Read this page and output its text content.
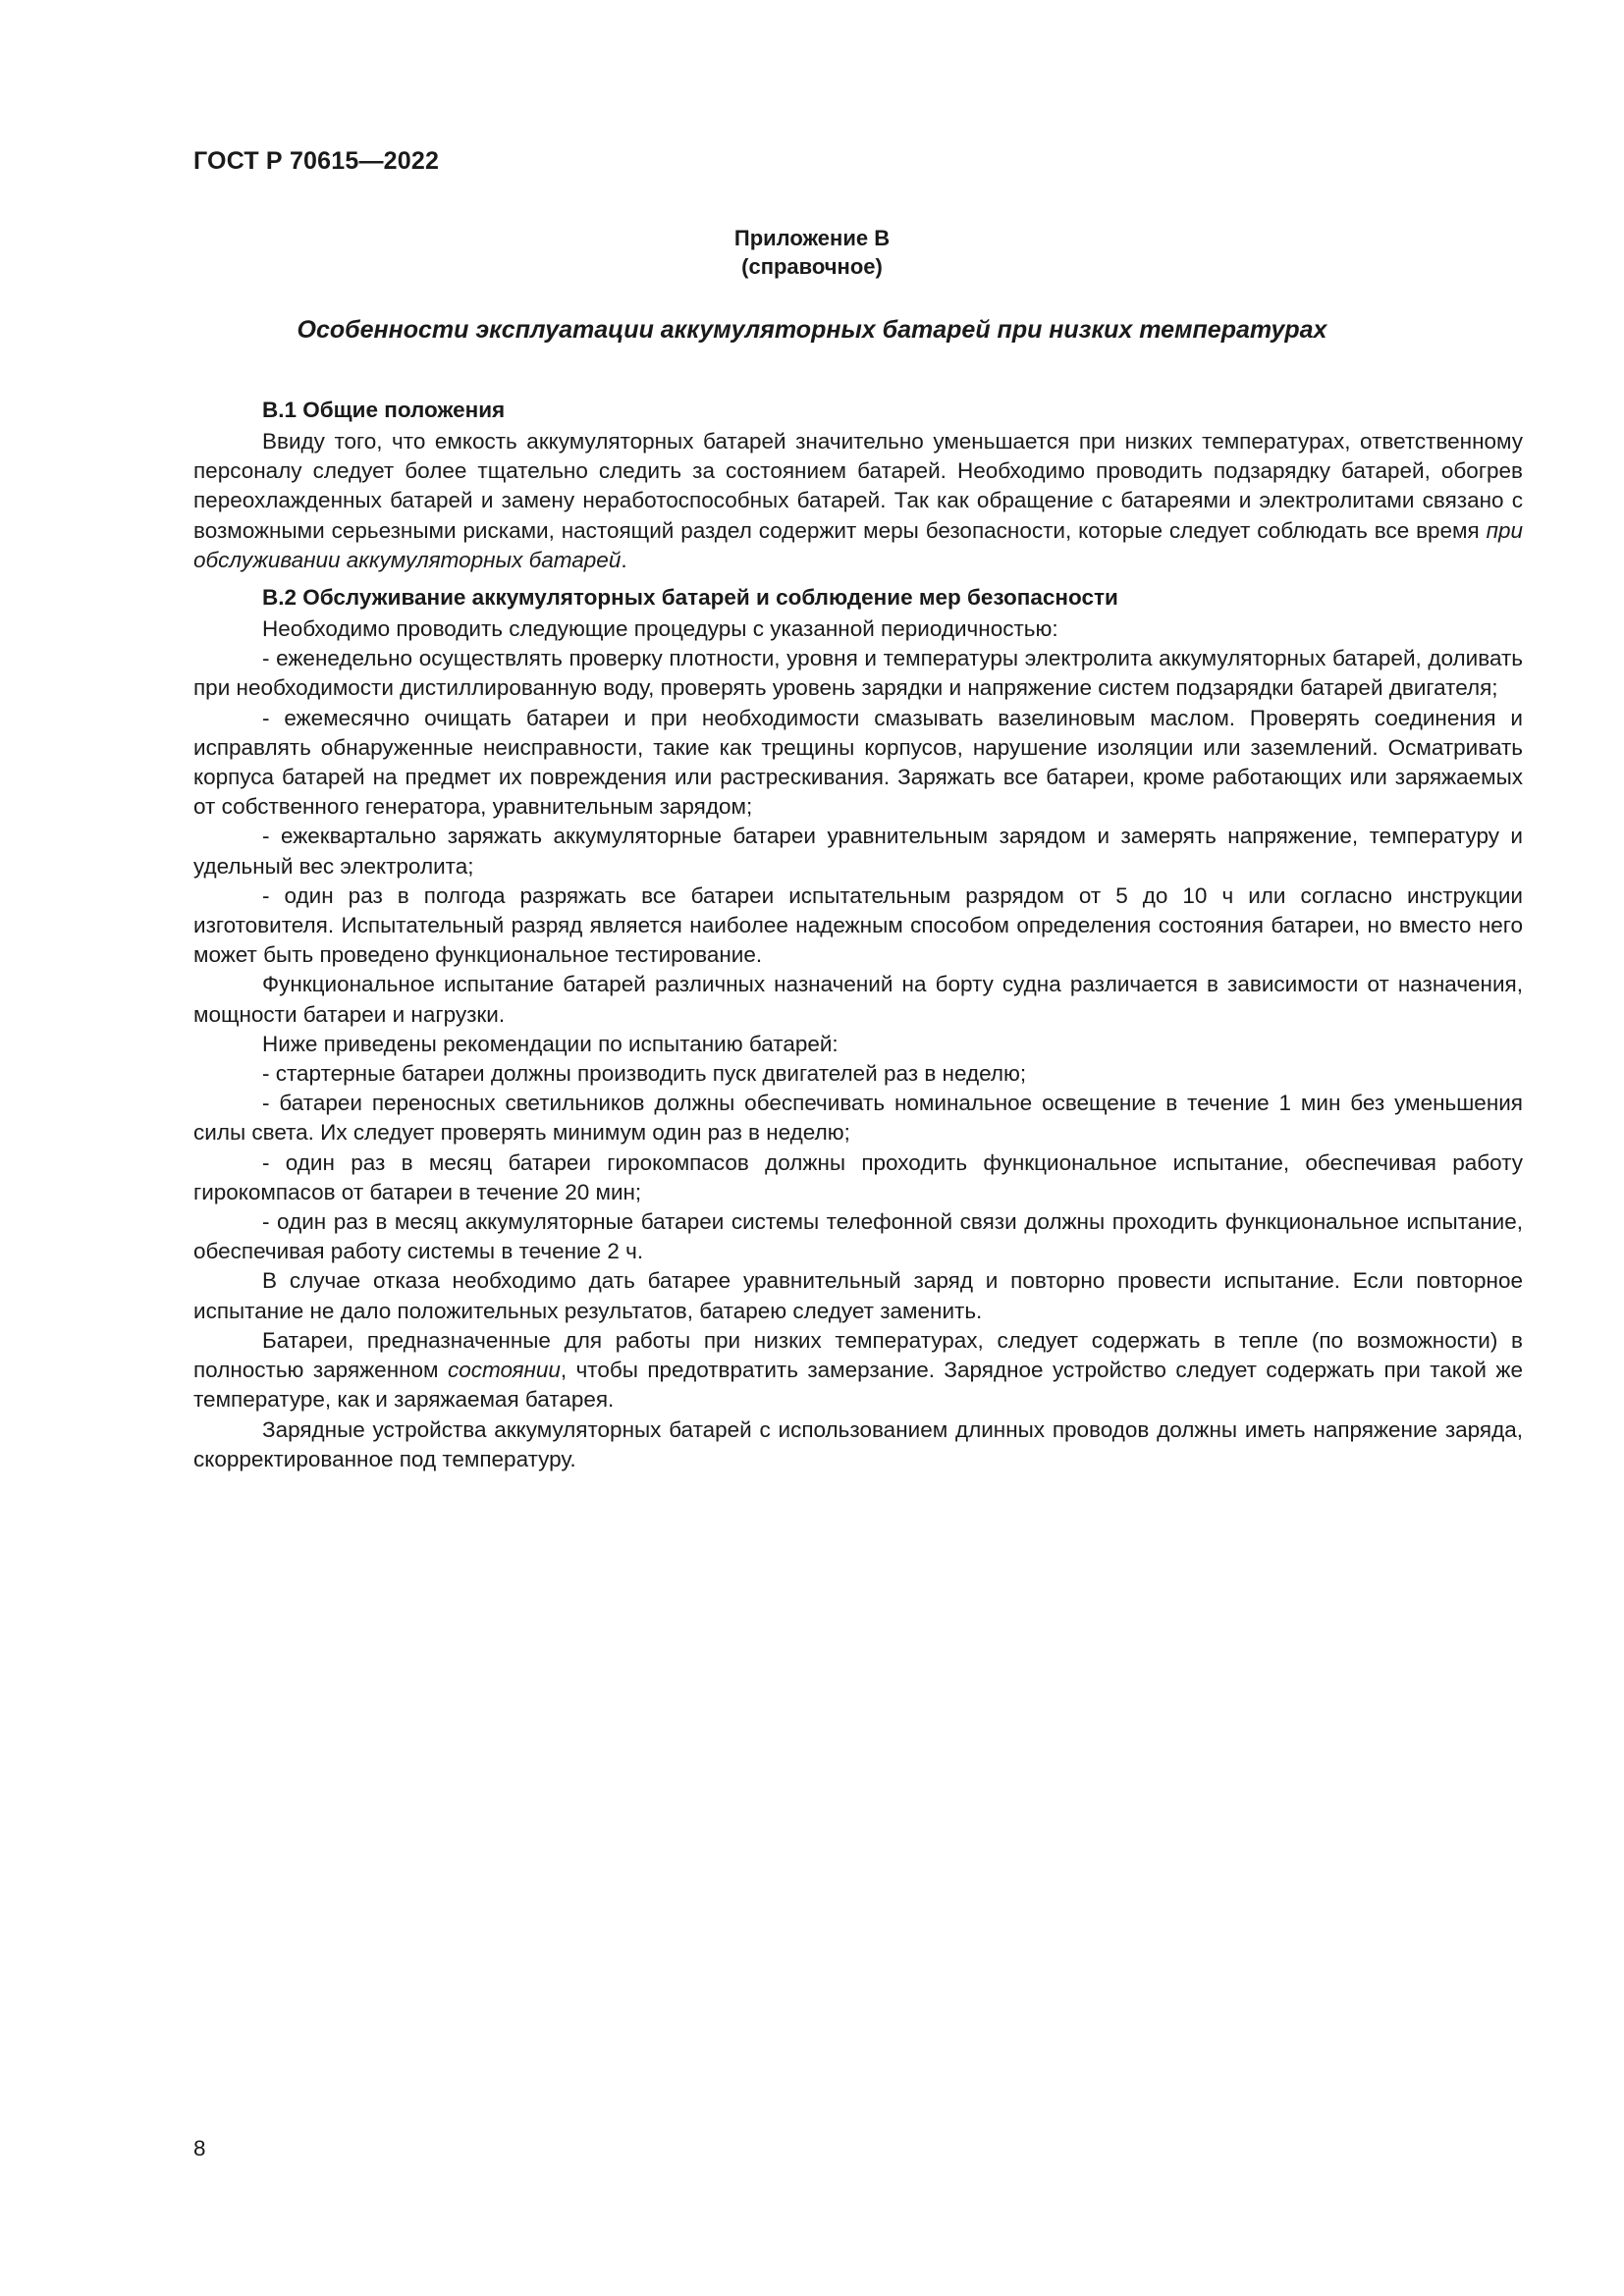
ГОСТ Р 70615—2022
Приложение В
(справочное)
Особенности эксплуатации аккумуляторных батарей при низких температурах
В.1 Общие положения

Ввиду того, что емкость аккумуляторных батарей значительно уменьшается при низких температурах, ответственному персоналу следует более тщательно следить за состоянием батарей. Необходимо проводить подзарядку батарей, обогрев переохлажденных батарей и замену неработоспособных батарей. Так как обращение с батареями и электролитами связано с возможными серьезными рисками, настоящий раздел содержит меры безопасности, которые следует соблюдать все время при обслуживании аккумуляторных батарей.

В.2 Обслуживание аккумуляторных батарей и соблюдение мер безопасности

Необходимо проводить следующие процедуры с указанной периодичностью:

- еженедельно осуществлять проверку плотности, уровня и температуры электролита аккумуляторных батарей, доливать при необходимости дистиллированную воду, проверять уровень зарядки и напряжение систем подзарядки батарей двигателя;

- ежемесячно очищать батареи и при необходимости смазывать вазелиновым маслом. Проверять соединения и исправлять обнаруженные неисправности, такие как трещины корпусов, нарушение изоляции или заземлений. Осматривать корпуса батарей на предмет их повреждения или растрескивания. Заряжать все батареи, кроме работающих или заряжаемых от собственного генератора, уравнительным зарядом;

- ежеквартально заряжать аккумуляторные батареи уравнительным зарядом и замерять напряжение, температуру и удельный вес электролита;

- один раз в полгода разряжать все батареи испытательным разрядом от 5 до 10 ч или согласно инструкции изготовителя. Испытательный разряд является наиболее надежным способом определения состояния батареи, но вместо него может быть проведено функциональное тестирование.

Функциональное испытание батарей различных назначений на борту судна различается в зависимости от назначения, мощности батареи и нагрузки.

Ниже приведены рекомендации по испытанию батарей:

- стартерные батареи должны производить пуск двигателей раз в неделю;

- батареи переносных светильников должны обеспечивать номинальное освещение в течение 1 мин без уменьшения силы света. Их следует проверять минимум один раз в неделю;

- один раз в месяц батареи гирокомпасов должны проходить функциональное испытание, обеспечивая работу гирокомпасов от батареи в течение 20 мин;

- один раз в месяц аккумуляторные батареи системы телефонной связи должны проходить функциональное испытание, обеспечивая работу системы в течение 2 ч.

В случае отказа необходимо дать батарее уравнительный заряд и повторно провести испытание. Если повторное испытание не дало положительных результатов, батарею следует заменить.

Батареи, предназначенные для работы при низких температурах, следует содержать в тепле (по возможности) в полностью заряженном состоянии, чтобы предотвратить замерзание. Зарядное устройство следует содержать при такой же температуре, как и заряжаемая батарея.

Зарядные устройства аккумуляторных батарей с использованием длинных проводов должны иметь напряжение заряда, скорректированное под температуру.

8
